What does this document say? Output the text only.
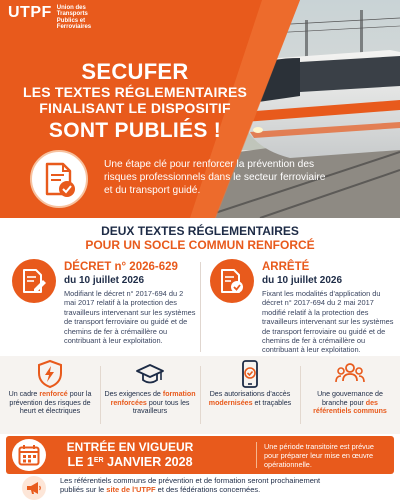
UTPF Union des
Transports
Publics et
Ferroviaires
SECUFER
LES TEXTES RÉGLEMENTAIRES
FINALISANT LE DISPOSITIF
SONT PUBLIÉS !
Une étape clé pour renforcer la prévention des risques professionnels dans le secteur ferroviaire et du transport guidé.
DEUX TEXTES RÉGLEMENTAIRES
POUR UN SOCLE COMMUN RENFORCÉ
DÉCRET n° 2026-629
du 10 juillet 2026
Modifiant le décret n° 2017-694 du 2 mai 2017 relatif à la protection des travailleurs intervenant sur les systèmes de transport ferroviaire ou guidé et de chemins de fer à crémaillère ou contribuant à leur exploitation.
ARRÊTÉ
du 10 juillet 2026
Fixant les modalités d'application du décret n° 2017-694 du 2 mai 2017 modifié relatif à la protection des travailleurs intervenant sur les systèmes de transport ferroviaire ou guidé et de chemins de fer à crémaillère ou contribuant à leur exploitation.
Un cadre renforcé pour la prévention des risques de heurt et électriques
Des exigences de formation renforcées pour tous les travailleurs
Des autorisations d'accès modernisées et traçables
Une gouvernance de branche pour des référentiels communs
ENTRÉE EN VIGUEUR
LE 1ER JANVIER 2028
Une période transitoire est prévue pour préparer leur mise en œuvre opérationnelle.
Les référentiels communs de prévention et de formation seront prochainement publiés sur le site de l'UTPF et des fédérations concernées.
